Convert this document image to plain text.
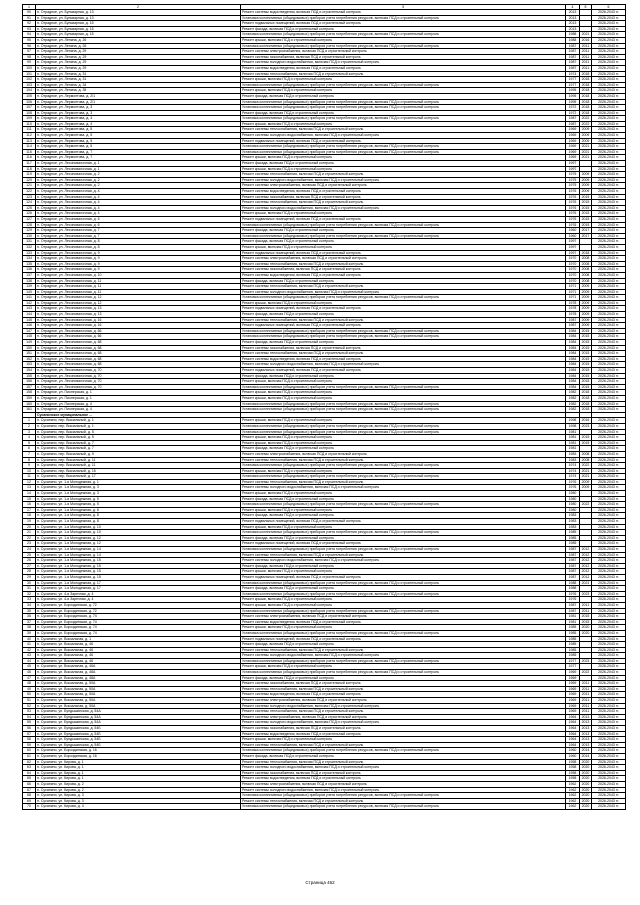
1	2	3	4	5	6
90	п. Отрадное, ул. Бульварная, д. 13	Ремонт системы водоотведения, включая ПСД и строительный контроль	2013		2026-2043 гг.
91	п. Отрадное, ул. Бульварная, д. 13	Установка коллективных (общедомовых) приборов учета потребления ресурсов, включая ПСД и строительный контроль	2013		2026-2043 гг.
92	п. Отрадное, ул. Бульварная, д. 15	Ремонт подвальных помещений, включая ПСД и строительный контроль	2013		2026-2043 гг.
93	п. Отрадное, ул. Бульварная, д. 15	Ремонт фасада, включая ПСД и строительный контроль	2013		2026-2043 гг.
94	п. Отрадное, ул. Бульварная, д. 15	Установка коллективных (общедомовых) приборов учета потребления ресурсов, включая ПСД и строительный контроль	1988	2021	2026-2043 гг.
95	п. Отрадное, ул. Ленина, д. 26	Ремонт крыши, включая ПСД и строительный контроль	1988	2016	2026-2043 гг.
96	п. Отрадное, ул. Ленина, д. 26	Установка коллективных (общедомовых) приборов учета потребления ресурсов, включая ПСД и строительный контроль	1987	2011	2026-2043 гг.
97	п. Отрадное, ул. Ленина, д. 29	Ремонт системы электроснабжения, включая ПСД и строительный контроль	1987	2011	2026-2043 гг.
98	п. Отрадное, ул. Ленина, д. 29	Ремонт системы газоснабжения, включая ПСД и строительный контроль	1987	2011	2026-2043 гг.
99	п. Отрадное, ул. Ленина, д. 29	Ремонт системы холодного водоснабжения, включая ПСД и строительный контроль	1987	2011	2026-2043 гг.
100	п. Отрадное, ул. Ленина, д. 29	Ремонт системы водоотведения, включая ПСД и строительный контроль	1987	2011	2026-2043 гг.
101	п. Отрадное, ул. Ленина, д. 31	Ремонт системы теплоснабжения, включая ПСД и строительный контроль	1974	2018	2026-2043 гг.
102	п. Отрадное, ул. Ленина, д. 31	Ремонт крыши, включая ПСД и строительный контроль	1977	2018	2026-2043 гг.
103	п. Отрадное, ул. Ленина, д. 34	Установка коллективных (общедомовых) приборов учета потребления ресурсов, включая ПСД и строительный контроль	1977	2018	2026-2043 гг.
104	п. Отрадное, ул. Ленина, д. 35	Ремонт крыши, включая ПСД и строительный контроль	1995	2018	2026-2043 гг.
105	п. Отрадное, ул. Лермонтова, д. 2/1	Ремонт фасада, включая ПСД и строительный контроль	1995	2018	2026-2043 гг.
106	п. Отрадное, ул. Лермонтова, д. 2/1	Установка коллективных (общедомовых) приборов учета потребления ресурсов, включая ПСД и строительный контроль	1995	2018	2026-2043 гг.
107	п. Отрадное, ул. Лермонтова, д. 3	Установка коллективных (общедомовых) приборов учета потребления ресурсов, включая ПСД и строительный контроль	1972	2018	2026-2043 гг.
108	п. Отрадное, ул. Лермонтова, д. 3	Ремонт фасада, включая ПСД и строительный контроль	1972	2018	2026-2043 гг.
109	п. Отрадное, ул. Лермонтова, д. 4	Установка коллективных (общедомовых) приборов учета потребления ресурсов, включая ПСД и строительный контроль	1987	2022	2026-2043 гг.
110	п. Отрадное, ул. Лермонтова, д. 4	Ремонт крыши, включая ПСД и строительный контроль	1987	2022	2026-2043 гг.
111	п. Отрадное, ул. Лермонтова, д. 5	Ремонт системы теплоснабжения, включая ПСД и строительный контроль	1969	2009	2026-2043 гг.
112	п. Отрадное, ул. Лермонтова, д. 5	Ремонт системы холодного водоснабжения, включая ПСД и строительный контроль	1969	2009	2026-2043 гг.
113	п. Отрадное, ул. Лермонтова, д. 5	Ремонт подвальных помещений, включая ПСД и строительный контроль	1969	2009	2026-2043 гг.
114	п. Отрадное, ул. Лермонтова, д. 5	Установка коллективных (общедомовых) приборов учета потребления ресурсов, включая ПСД и строительный контроль	1969	2021	2026-2043 гг.
115	п. Отрадное, ул. Лермонтова, д. 7	Установка коллективных (общедомовых) приборов учета потребления ресурсов, включая ПСД и строительный контроль	1969	2021	2026-2043 гг.
116	п. Отрадное, ул. Лермонтова, д. 7	Ремонт крыши, включая ПСД и строительный контроль	1969	2021	2026-2043 гг.
117	п. Отрадное, ул. Лесоповалочная, д. 1	Ремонт фасада, включая ПСД и строительный контроль	1997		2026-2043 гг.
118	п. Отрадное, ул. Лесоповалочная, д. 1	Ремонт крыши, включая ПСД и строительный контроль	1997		2026-2043 гг.
119	п. Отрадное, ул. Лесоповалочная, д. 2	Ремонт системы теплоснабжения, включая ПСД и строительный контроль	1975	2009	2026-2043 гг.
120	п. Отрадное, ул. Лесоповалочная, д. 2	Ремонт системы холодного водоснабжения, включая ПСД и строительный контроль	1975	2009	2026-2043 гг.
121	п. Отрадное, ул. Лесоповалочная, д. 2	Ремонт системы электроснабжения, включая ПСД и строительный контроль	1975	2009	2026-2043 гг.
122	п. Отрадное, ул. Лесоповалочная, д. 4	Ремонт системы водоотведения, включая ПСД и строительный контроль	1976	2009	2026-2043 гг.
123	п. Отрадное, ул. Лесоповалочная, д. 4	Ремонт системы газоснабжения, включая ПСД и строительный контроль	1976	2015	2026-2043 гг.
124	п. Отрадное, ул. Лесоповалочная, д. 4	Ремонт системы теплоснабжения, включая ПСД и строительный контроль	1976	2015	2026-2043 гг.
125	п. Отрадное, ул. Лесоповалочная, д. 4	Ремонт системы холодного водоснабжения, включая ПСД и строительный контроль	1976	2015	2026-2043 гг.
126	п. Отрадное, ул. Лесоповалочная, д. 4	Ремонт крыши, включая ПСД и строительный контроль	1976	2015	2026-2043 гг.
127	п. Отрадное, ул. Лесоповалочная, д. 6	Ремонт подвальных помещений, включая ПСД и строительный контроль	1976	2015	2026-2043 гг.
128	п. Отрадное, ул. Лесоповалочная, д. 6	Установка коллективных (общедомовых) приборов учета потребления ресурсов, включая ПСД и строительный контроль	1976	2015	2026-2043 гг.
129	п. Отрадное, ул. Лесоповалочная, д. 7	Ремонт фасада, включая ПСД и строительный контроль	1960	2017	2026-2043 гг.
130	п. Отрадное, ул. Лесоповалочная, д. 7	Установка коллективных (общедомовых) приборов учета потребления ресурсов, включая ПСД и строительный контроль	1960	2017	2026-2043 гг.
131	п. Отрадное, ул. Лесоповалочная, д. 8	Ремонт фасада, включая ПСД и строительный контроль	1997		2026-2043 гг.
132	п. Отрадное, ул. Лесоповалочная, д. 8	Ремонт крыши, включая ПСД и строительный контроль	1997		2026-2043 гг.
133	п. Отрадное, ул. Лесоповалочная, д. 9	Ремонт подвальных помещений, включая ПСД и строительный контроль	1997	2018	2026-2043 гг.
134	п. Отрадное, ул. Лесоповалочная, д. 9	Ремонт системы электроснабжения, включая ПСД и строительный контроль	1970	2008	2026-2043 гг.
135	п. Отрадное, ул. Лесоповалочная, д. 9	Ремонт системы теплоснабжения, включая ПСД и строительный контроль	1970	2008	2026-2043 гг.
136	п. Отрадное, ул. Лесоповалочная, д. 9	Ремонт системы газоснабжения, включая ПСД и строительный контроль	1970	2008	2026-2043 гг.
137	п. Отрадное, ул. Лесоповалочная, д. 10	Ремонт системы водоотведения, включая ПСД и строительный контроль	1970	2008	2026-2043 гг.
138	п. Отрадное, ул. Лесоповалочная, д. 11	Ремонт фасада, включая ПСД и строительный контроль	1970	2008	2026-2043 гг.
139	п. Отрадное, ул. Лесоповалочная, д. 11	Ремонт системы теплоснабжения, включая ПСД и строительный контроль	1971	2009	2026-2043 гг.
140	п. Отрадное, ул. Лесоповалочная, д. 11	Ремонт системы холодного водоснабжения, включая ПСД и строительный контроль	1971	2009	2026-2043 гг.
141	п. Отрадное, ул. Лесоповалочная, д. 12	Установка коллективных (общедомовых) приборов учета потребления ресурсов, включая ПСД и строительный контроль	1971	2009	2026-2043 гг.
142	п. Отрадное, ул. Лесоповалочная, д. 12	Ремонт крыши, включая ПСД и строительный контроль	1978	2009	2026-2043 гг.
143	п. Отрадное, ул. Лесоповалочная, д. 13	Ремонт подвальных помещений, включая ПСД и строительный контроль	1978	2009	2026-2043 гг.
144	п. Отрадное, ул. Лесоповалочная, д. 13	Ремонт фасада, включая ПСД и строительный контроль	1978	2009	2026-2043 гг.
145	п. Отрадное, ул. Лесоповалочная, д. 16	Ремонт системы теплоснабжения, включая ПСД и строительный контроль	1987	2009	2026-2043 гг.
146	п. Отрадное, ул. Лесоповалочная, д. 16	Ремонт подвальных помещений, включая ПСД и строительный контроль	1987	2009	2026-2043 гг.
147	п. Отрадное, ул. Лесоповалочная, д. 66	Установка коллективных (общедомовых) приборов учета потребления ресурсов, включая ПСД и строительный контроль	1984	2015	2026-2043 гг.
148	п. Отрадное, ул. Лесоповалочная, д. 66	Установка коллективных (общедомовых) приборов учета потребления ресурсов, включая ПСД и строительный контроль	1984	2015	2026-2043 гг.
149	п. Отрадное, ул. Лесоповалочная, д. 68	Ремонт фасада, включая ПСД и строительный контроль	1984	2015	2026-2043 гг.
150	п. Отрадное, ул. Лесоповалочная, д. 68	Ремонт системы газоснабжения, включая ПСД и строительный контроль	1984	2015	2026-2043 гг.
151	п. Отрадное, ул. Лесоповалочная, д. 68	Ремонт системы теплоснабжения, включая ПСД и строительный контроль	1984	2015	2026-2043 гг.
152	п. Отрадное, ул. Лесоповалочная, д. 68	Ремонт системы водоотведения, включая ПСД и строительный контроль	1984	2015	2026-2043 гг.
153	п. Отрадное, ул. Лесоповалочная, д. 68	Ремонт системы холодного водоснабжения, включая ПСД и строительный контроль	1984	2015	2026-2043 гг.
154	п. Отрадное, ул. Лесоповалочная, д. 70	Ремонт подвальных помещений, включая ПСД и строительный контроль	1984	2015	2026-2043 гг.
155	п. Отрадное, ул. Лесоповалочная, д. 70	Ремонт фасада, включая ПСД и строительный контроль	1984	2015	2026-2043 гг.
156	п. Отрадное, ул. Лесоповалочная, д. 70	Ремонт крыши, включая ПСД и строительный контроль	1984	2015	2026-2043 гг.
157	п. Отрадное, ул. Лесоповалочная, д. 70	Установка коллективных (общедомовых) приборов учета потребления ресурсов, включая ПСД и строительный контроль	1984	2015	2026-2043 гг.
158	п. Отрадное, ул. Пионерская, д. 1	Ремонт крыши, включая ПСД и строительный контроль	1982	2018	2026-2043 гг.
159	п. Отрадное, ул. Пионерская, д. 1	Ремонт крыши, включая ПСД и строительный контроль	1982	2018	2026-2043 гг.
160	п. Отрадное, ул. Пионерская, д. 4	Установка коллективных (общедомовых) приборов учета потребления ресурсов, включая ПСД и строительный контроль	1982	2018	2026-2043 гг.
161	п. Отрадное, ул. Пионерская, д. 4	Установка коллективных (общедомовых) приборов учета потребления ресурсов, включая ПСД и строительный контроль	1982	2018	2026-2043 гг.
	Сусанинское муниципальное ...				
1	п. Сусанино, пер. Вокзальный, д. 1	Ремонт крыши, включая ПСД и строительный контроль	1998	2016	2026-2043 гг.
2	п. Сусанино, пер. Вокзальный, д. 1	Установка коллективных (общедомовых) приборов учета потребления ресурсов, включая ПСД и строительный контроль	1998	2023	2026-2043 гг.
3	п. Сусанино, пер. Вокзальный, д. 5	Установка коллективных (общедомовых) приборов учета потребления ресурсов, включая ПСД и строительный контроль	1981		2026-2043 гг.
4	п. Сусанино, пер. Вокзальный, д. 5	Ремонт крыши, включая ПСД и строительный контроль	1981	2015	2026-2043 гг.
5	п. Сусанино, пер. Вокзальный, д. 7	Ремонт крыши, включая ПСД и строительный контроль	1981	2015	2026-2043 гг.
6	п. Сусанино, пер. Вокзальный, д. 7	Ремонт фасада, включая ПСД и строительный контроль	1981		2026-2043 гг.
7	п. Сусанино, пер. Вокзальный, д. 9	Ремонт системы электроснабжения, включая ПСД и строительный контроль	1983	2008	2026-2043 гг.
8	п. Сусанино, пер. Вокзальный, д. 11	Ремонт системы теплоснабжения, включая ПСД и строительный контроль	1983	2008	2026-2043 гг.
9	п. Сусанино, пер. Вокзальный, д. 11	Установка коллективных (общедомовых) приборов учета потребления ресурсов, включая ПСД и строительный контроль	1974	2022	2026-2043 гг.
10	п. Сусанино, пер. Вокзальный, д. 15	Ремонт крыши, включая ПСД и строительный контроль	1974	2021	2026-2043 гг.
11	п. Сусанино, пер. Вокзальный, д. 17	Установка коллективных (общедомовых) приборов учета потребления ресурсов, включая ПСД и строительный контроль	1974	2021	2026-2043 гг.
12	п. Сусанино, ул. 1-я Молодежная, д. 1	Ремонт системы теплоснабжения, включая ПСД и строительный контроль	1976	2009	2026-2043 гг.
13	п. Сусанино, ул. 1-я Молодежная, д. 3	Ремонт системы холодного водоснабжения, включая ПСД и строительный контроль	1976	2009	2026-2043 гг.
14	п. Сусанино, ул. 1-я Молодежная, д. 3	Ремонт крыши, включая ПСД и строительный контроль	1980		2026-2043 гг.
15	п. Сусанино, ул. 1-я Молодежная, д. 5	Ремонт фасада, включая ПСД и строительный контроль	1980		2026-2043 гг.
16	п. Сусанино, ул. 1-я Молодежная, д. 5	Установка коллективных (общедомовых) приборов учета потребления ресурсов, включая ПСД и строительный контроль	1980	2022	2026-2043 гг.
17	п. Сусанино, ул. 1-я Молодежная, д. 6	Ремонт крыши, включая ПСД и строительный контроль	1980		2026-2043 гг.
18	п. Сусанино, ул. 1-я Молодежная, д. 8	Ремонт фасада, включая ПСД и строительный контроль	1983		2026-2043 гг.
19	п. Сусанино, ул. 1-я Молодежная, д. 8	Ремонт подвальных помещений, включая ПСД и строительный контроль	1983		2026-2043 гг.
20	п. Сусанино, ул. 1-я Молодежная, д. 10	Ремонт крыши, включая ПСД и строительный контроль	1983		2026-2043 гг.
21	п. Сусанино, ул. 1-я Молодежная, д. 10	Установка коллективных (общедомовых) приборов учета потребления ресурсов, включая ПСД и строительный контроль	1985		2026-2043 гг.
22	п. Сусанино, ул. 1-я Молодежная, д. 12	Ремонт фасада, включая ПСД и строительный контроль	1985		2026-2043 гг.
23	п. Сусанино, ул. 1-я Молодежная, д. 12	Ремонт подвальных помещений, включая ПСД и строительный контроль	1985		2026-2043 гг.
24	п. Сусанино, ул. 1-я Молодежная, д. 14	Установка коллективных (общедомовых) приборов учета потребления ресурсов, включая ПСД и строительный контроль	1987	2012	2026-2043 гг.
25	п. Сусанино, ул. 1-я Молодежная, д. 14	Ремонт системы теплоснабжения, включая ПСД и строительный контроль	1987	2012	2026-2043 гг.
26	п. Сусанино, ул. 1-я Молодежная, д. 15	Ремонт системы холодного водоснабжения, включая ПСД и строительный контроль	1987	2012	2026-2043 гг.
27	п. Сусанино, ул. 1-я Молодежная, д. 15	Ремонт фасада, включая ПСД и строительный контроль	1987	2012	2026-2043 гг.
28	п. Сусанино, ул. 1-я Молодежная, д. 15	Ремонт крыши, включая ПСД и строительный контроль	1987	2012	2026-2043 гг.
29	п. Сусанино, ул. 1-я Молодежная, д. 15	Ремонт подвальных помещений, включая ПСД и строительный контроль	1987	2012	2026-2043 гг.
30	п. Сусанино, ул. 1-я Молодежная, д. 17	Установка коллективных (общедомовых) приборов учета потребления ресурсов, включая ПСД и строительный контроль	1988	2021	2026-2043 гг.
31	п. Сусанино, ул. 1-я Молодежная, д. 17	Ремонт фасада, включая ПСД и строительный контроль	1988		2026-2043 гг.
32	п. Сусанино, ул. 4-я Заречная, д. 4	Установка коллективных (общедомовых) приборов учета потребления ресурсов, включая ПСД и строительный контроль	1976	2023	2026-2043 гг.
33	п. Сусанино, ул. 4-я Заречная, д. 4	Ремонт крыши, включая ПСД и строительный контроль	1976		2026-2043 гг.
34	п. Сусанино, ул. Бороздинская, д. 72	Ремонт крыши, включая ПСД и строительный контроль	1987	2011	2026-2043 гг.
35	п. Сусанино, ул. Бороздинская, д. 72	Установка коллективных (общедомовых) приборов учета потребления ресурсов, включая ПСД и строительный контроль	1987	2011	2026-2043 гг.
36	п. Сусанино, ул. Бороздинская, д. 74	Ремонт системы электроснабжения, включая ПСД и строительный контроль	1981	2015	2026-2043 гг.
37	п. Сусанино, ул. Бороздинская, д. 74	Ремонт системы водоотведения, включая ПСД и строительный контроль	1981	2015	2026-2043 гг.
38	п. Сусанино, ул. Бороздинская, д. 74	Ремонт крыши, включая ПСД и строительный контроль	1985	2020	2026-2043 гг.
39	п. Сусанино, ул. Бороздинская, д. 74	Установка коллективных (общедомовых) приборов учета потребления ресурсов, включая ПСД и строительный контроль	1985	2020	2026-2043 гг.
40	п. Сусанино, ул. Вокзальная, д. 1	Ремонт подвальных помещений, включая ПСД и строительный контроль	1985		2026-2043 гг.
41	п. Сусанино, ул. Вокзальная, д. 46	Ремонт фасада, включая ПСД и строительный контроль	1985		2026-2043 гг.
42	п. Сусанино, ул. Вокзальная, д. 46	Ремонт системы теплоснабжения, включая ПСД и строительный контроль	1985		2026-2043 гг.
43	п. Сусанино, ул. Вокзальная, д. 46	Ремонт системы холодного водоснабжения, включая ПСД и строительный контроль	1985		2026-2043 гг.
44	п. Сусанино, ул. Вокзальная, д. 46	Установка коллективных (общедомовых) приборов учета потребления ресурсов, включая ПСД и строительный контроль	1977	2023	2026-2043 гг.
45	п. Сусанино, ул. Вокзальная, д. 46А	Ремонт крыши, включая ПСД и строительный контроль	1977		2026-2043 гг.
46	п. Сусанино, ул. Вокзальная, д. 46А	Установка коллективных (общедомовых) приборов учета потребления ресурсов, включая ПСД и строительный контроль	1969	2022	2026-2043 гг.
47	п. Сусанино, ул. Вокзальная, д. 48А	Ремонт фасада, включая ПСД и строительный контроль	1969		2026-2043 гг.
48	п. Сусанино, ул. Вокзальная, д. 50А	Ремонт системы газоснабжения, включая ПСД и строительный контроль	1969	2011	2026-2043 гг.
49	п. Сусанино, ул. Вокзальная, д. 50А	Ремонт системы теплоснабжения, включая ПСД и строительный контроль	1969	2011	2026-2043 гг.
50	п. Сусанино, ул. Вокзальная, д. 50А	Ремонт системы водоотведения, включая ПСД и строительный контроль	1969	2011	2026-2043 гг.
51	п. Сусанино, ул. Вокзальная, д. 50А	Ремонт системы электроснабжения, включая ПСД и строительный контроль	1969	2011	2026-2043 гг.
52	п. Сусанино, ул. Вокзальная, д. 50А	Ремонт системы холодного водоснабжения, включая ПСД и строительный контроль	1969	2011	2026-2043 гг.
53	п. Сусанино, ул. Бундышинская, д. 54А	Ремонт системы теплоснабжения, включая ПСД и строительный контроль	1969	2011	2026-2043 гг.
54	п. Сусанино, ул. Бундышинская, д. 54А	Ремонт системы электроснабжения, включая ПСД и строительный контроль	1964	2013	2026-2043 гг.
55	п. Сусанино, ул. Бундышинская, д. 54А	Ремонт системы холодного водоснабжения, включая ПСД и строительный контроль	1964	2013	2026-2043 гг.
56	п. Сусанино, ул. Бундышинская, д. 54Б	Ремонт системы газоснабжения, включая ПСД и строительный контроль	1964	2013	2026-2043 гг.
57	п. Сусанино, ул. Бундышинская, д. 54Б	Ремонт системы водоотведения, включая ПСД и строительный контроль	1964	2013	2026-2043 гг.
58	п. Сусанино, ул. Бундышинская, д. 54Б	Ремонт крыши, включая ПСД и строительный контроль	1964	2013	2026-2043 гг.
59	п. Сусанино, ул. Бундышинская, д. 54Б	Ремонт системы теплоснабжения, включая ПСД и строительный контроль	1964	2013	2026-2043 гг.
60	п. Сусанино, ул. Бороздинская, д. 16	Установка коллективных (общедомовых) приборов учета потребления ресурсов, включая ПСД и строительный контроль	1960	2014	2026-2043 гг.
61	п. Сусанино, ул. Бороздинская, д. 16	Ремонт фасада, включая ПСД и строительный контроль	1960	2014	2026-2043 гг.
62	п. Сусанино, ул. Кирова, д. 1	Ремонт системы теплоснабжения, включая ПСД и строительный контроль	1958	2020	2026-2043 гг.
63	п. Сусанино, ул. Кирова, д. 1	Ремонт системы холодного водоснабжения, включая ПСД и строительный контроль	1958	2020	2026-2043 гг.
64	п. Сусанино, ул. Кирова, д. 1	Ремонт системы газоснабжения, включая ПСД и строительный контроль	1958	2020	2026-2043 гг.
65	п. Сусанино, ул. Кирова, д. 1	Ремонт системы водоотведения, включая ПСД и строительный контроль	1958	2020	2026-2043 гг.
66	п. Сусанино, ул. Кирова, д. 2	Ремонт системы электроснабжения, включая ПСД и строительный контроль	1962	2020	2026-2043 гг.
67	п. Сусанино, ул. Кирова, д. 2	Ремонт системы холодного водоснабжения, включая ПСД и строительный контроль	1962	2020	2026-2043 гг.
68	п. Сусанино, ул. Кирова, д. 3	Установка коллективных (общедомовых) приборов учета потребления ресурсов, включая ПСД и строительный контроль	1962	2020	2026-2043 гг.
69	п. Сусанино, ул. Кирова, д. 3	Ремонт системы теплоснабжения, включая ПСД и строительный контроль	1962	2020	2026-2043 гг.
70	п. Сусанино, ул. Кирова, д. 4	Установка коллективных (общедомовых) приборов учета потребления ресурсов, включая ПСД и строительный контроль	1962	2020	2026-2043 гг.
Страница 462
